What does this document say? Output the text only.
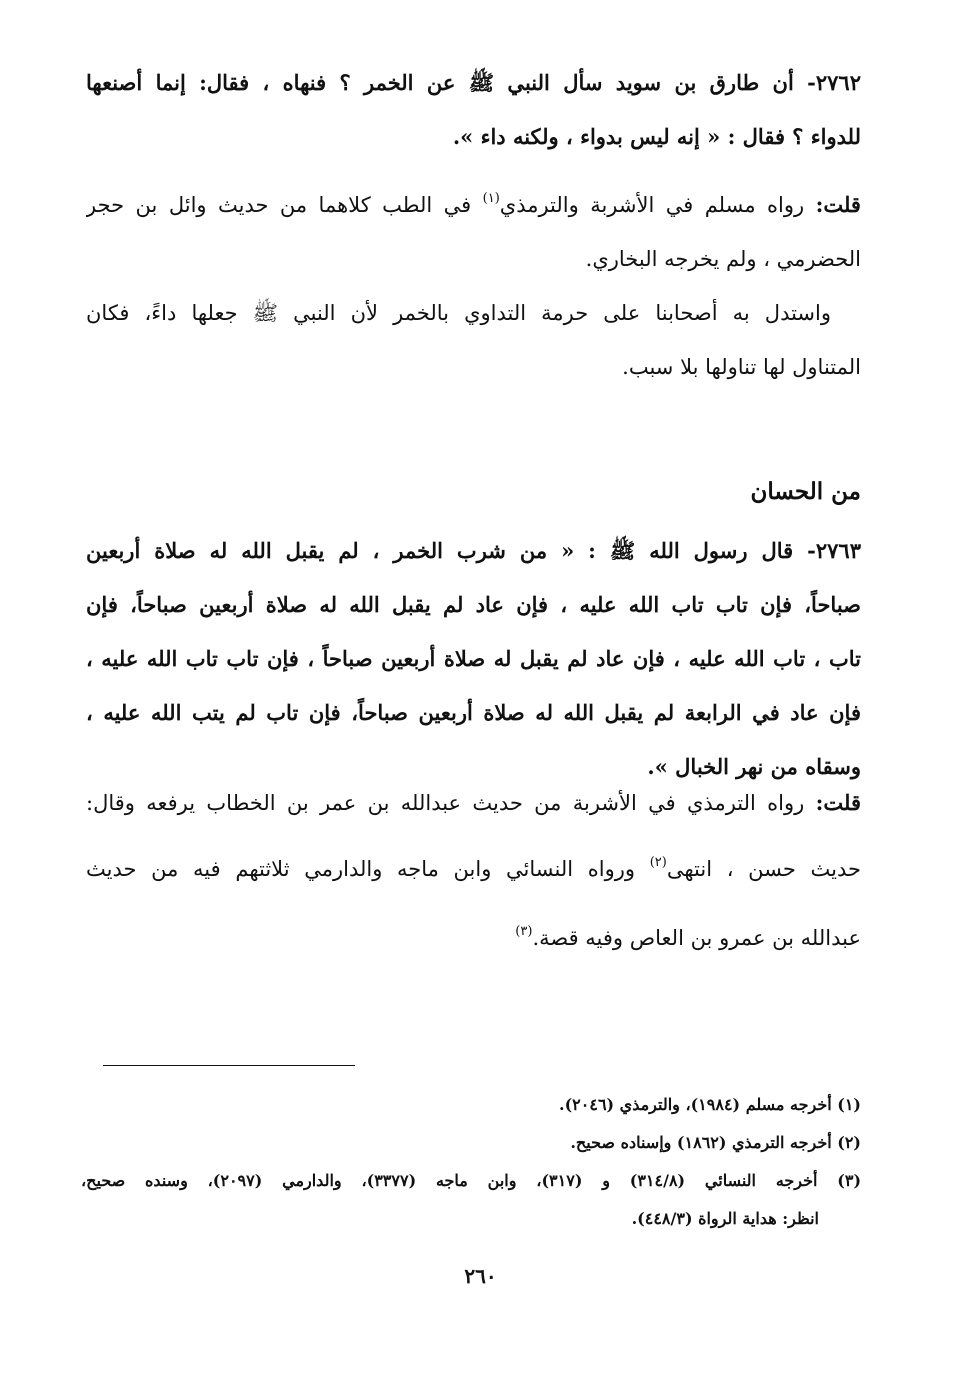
٢٧٦٢- أن طارق بن سويد سأل النبي ﷺ عن الخمر ؟ فنهاه ، فقال: إنما أصنعها
للدواء ؟ فقال : « إنه ليس بدواء ، ولكنه داء ».
قلت: رواه مسلم في الأشربة والترمذي$^{(١)}$ في الطب كلاهما من حديث وائل بن حجر
الحضرمي ، ولم يخرجه البخاري.
واستدل به أصحابنا على حرمة التداوي بالخمر لأن النبي ﷺ جعلها داءً، فكان
المتناول لها تناولها بلا سبب.
من الحسان
٢٧٦٣- قال رسول الله ﷺ : « من شرب الخمر ، لم يقبل الله له صلاة أربعين
صباحاً، فإن تاب تاب الله عليه ، فإن عاد لم يقبل الله له صلاة أربعين صباحاً، فإن
تاب ، تاب الله عليه ، فإن عاد لم يقبل له صلاة أربعين صباحاً ، فإن تاب تاب الله عليه ،
فإن عاد في الرابعة لم يقبل الله له صلاة أربعين صباحاً، فإن تاب لم يتب الله عليه ،
وسقاه من نهر الخبال ».
قلت: رواه الترمذي في الأشربة من حديث عبدالله بن عمر بن الخطاب يرفعه وقال:
حديث حسن ، انتهى$^{(٢)}$ ورواه النسائي وابن ماجه والدارمي ثلاثتهم فيه من حديث
عبدالله بن عمرو بن العاص وفيه قصة.$^{(٣)}$
(١) أخرجه مسلم (١٩٨٤)، والترمذي (٢٠٤٦).
(٢) أخرجه الترمذي (١٨٦٢) وإسناده صحيح.
(٣) أخرجه النسائي (٣١٤/٨) و (٣١٧)، وابن ماجه (٣٣٧٧)، والدارمي (٢٠٩٧)، وسنده صحيح،
انظر: هداية الرواة (٤٤٨/٣).
٢٦٠
